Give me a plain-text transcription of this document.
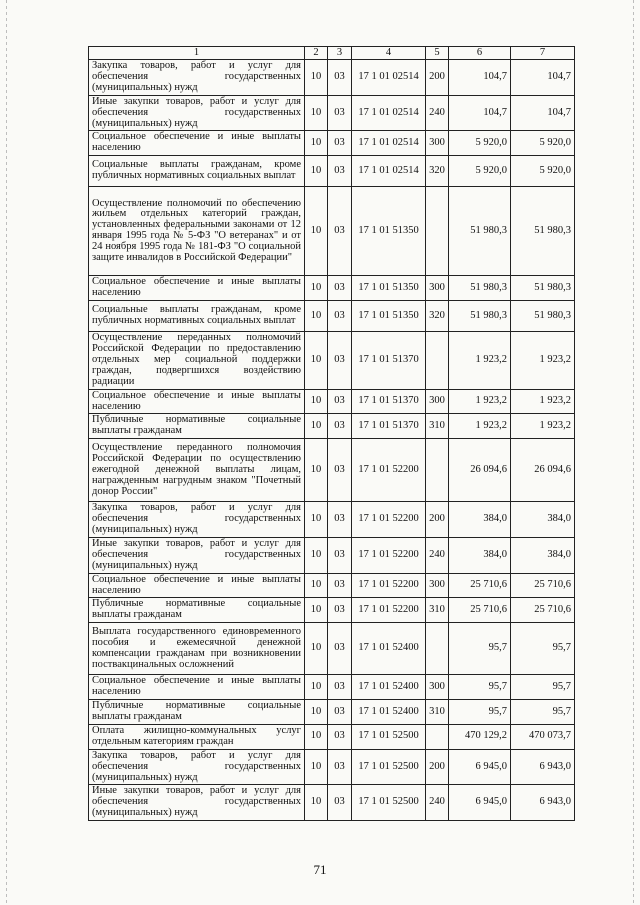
1	2	3	4	5	6	7
Закупка товаров, работ и услуг для обеспечения государственных (муниципальных) нужд	10	03	17 1 01 02514	200	104,7	104,7
Иные закупки товаров, работ и услуг для обеспечения государственных (муниципальных) нужд	10	03	17 1 01 02514	240	104,7	104,7
Социальное обеспечение и иные выплаты населению	10	03	17 1 01 02514	300	5 920,0	5 920,0
Социальные выплаты гражданам, кроме публичных нормативных социальных выплат	10	03	17 1 01 02514	320	5 920,0	5 920,0
Осуществление полномочий по обеспечению жильем отдельных категорий граждан, установленных федеральными законами от 12 января 1995 года № 5-ФЗ "О ветеранах" и от 24 ноября 1995 года № 181-ФЗ "О социальной защите инвалидов в Российской Федерации"	10	03	17 1 01 51350		51 980,3	51 980,3
Социальное обеспечение и иные выплаты населению	10	03	17 1 01 51350	300	51 980,3	51 980,3
Социальные выплаты гражданам, кроме публичных нормативных социальных выплат	10	03	17 1 01 51350	320	51 980,3	51 980,3
Осуществление переданных полномочий Российской Федерации по предоставлению отдельных мер социальной поддержки граждан, подвергшихся воздействию радиации	10	03	17 1 01 51370		1 923,2	1 923,2
Социальное обеспечение и иные выплаты населению	10	03	17 1 01 51370	300	1 923,2	1 923,2
Публичные нормативные социальные выплаты гражданам	10	03	17 1 01 51370	310	1 923,2	1 923,2
Осуществление переданного полномочия Российской Федерации по осуществлению ежегодной денежной выплаты лицам, награжденным нагрудным знаком "Почетный донор России"	10	03	17 1 01 52200		26 094,6	26 094,6
Закупка товаров, работ и услуг для обеспечения государственных (муниципальных) нужд	10	03	17 1 01 52200	200	384,0	384,0
Иные закупки товаров, работ и услуг для обеспечения государственных (муниципальных) нужд	10	03	17 1 01 52200	240	384,0	384,0
Социальное обеспечение и иные выплаты населению	10	03	17 1 01 52200	300	25 710,6	25 710,6
Публичные нормативные социальные выплаты гражданам	10	03	17 1 01 52200	310	25 710,6	25 710,6
Выплата государственного единовременного пособия и ежемесячной денежной компенсации гражданам при возникновении поствакцинальных осложнений	10	03	17 1 01 52400		95,7	95,7
Социальное обеспечение и иные выплаты населению	10	03	17 1 01 52400	300	95,7	95,7
Публичные нормативные социальные выплаты гражданам	10	03	17 1 01 52400	310	95,7	95,7
Оплата жилищно-коммунальных услуг отдельным категориям граждан	10	03	17 1 01 52500		470 129,2	470 073,7
Закупка товаров, работ и услуг для обеспечения государственных (муниципальных) нужд	10	03	17 1 01 52500	200	6 945,0	6 943,0
Иные закупки товаров, работ и услуг для обеспечения государственных (муниципальных) нужд	10	03	17 1 01 52500	240	6 945,0	6 943,0
71
